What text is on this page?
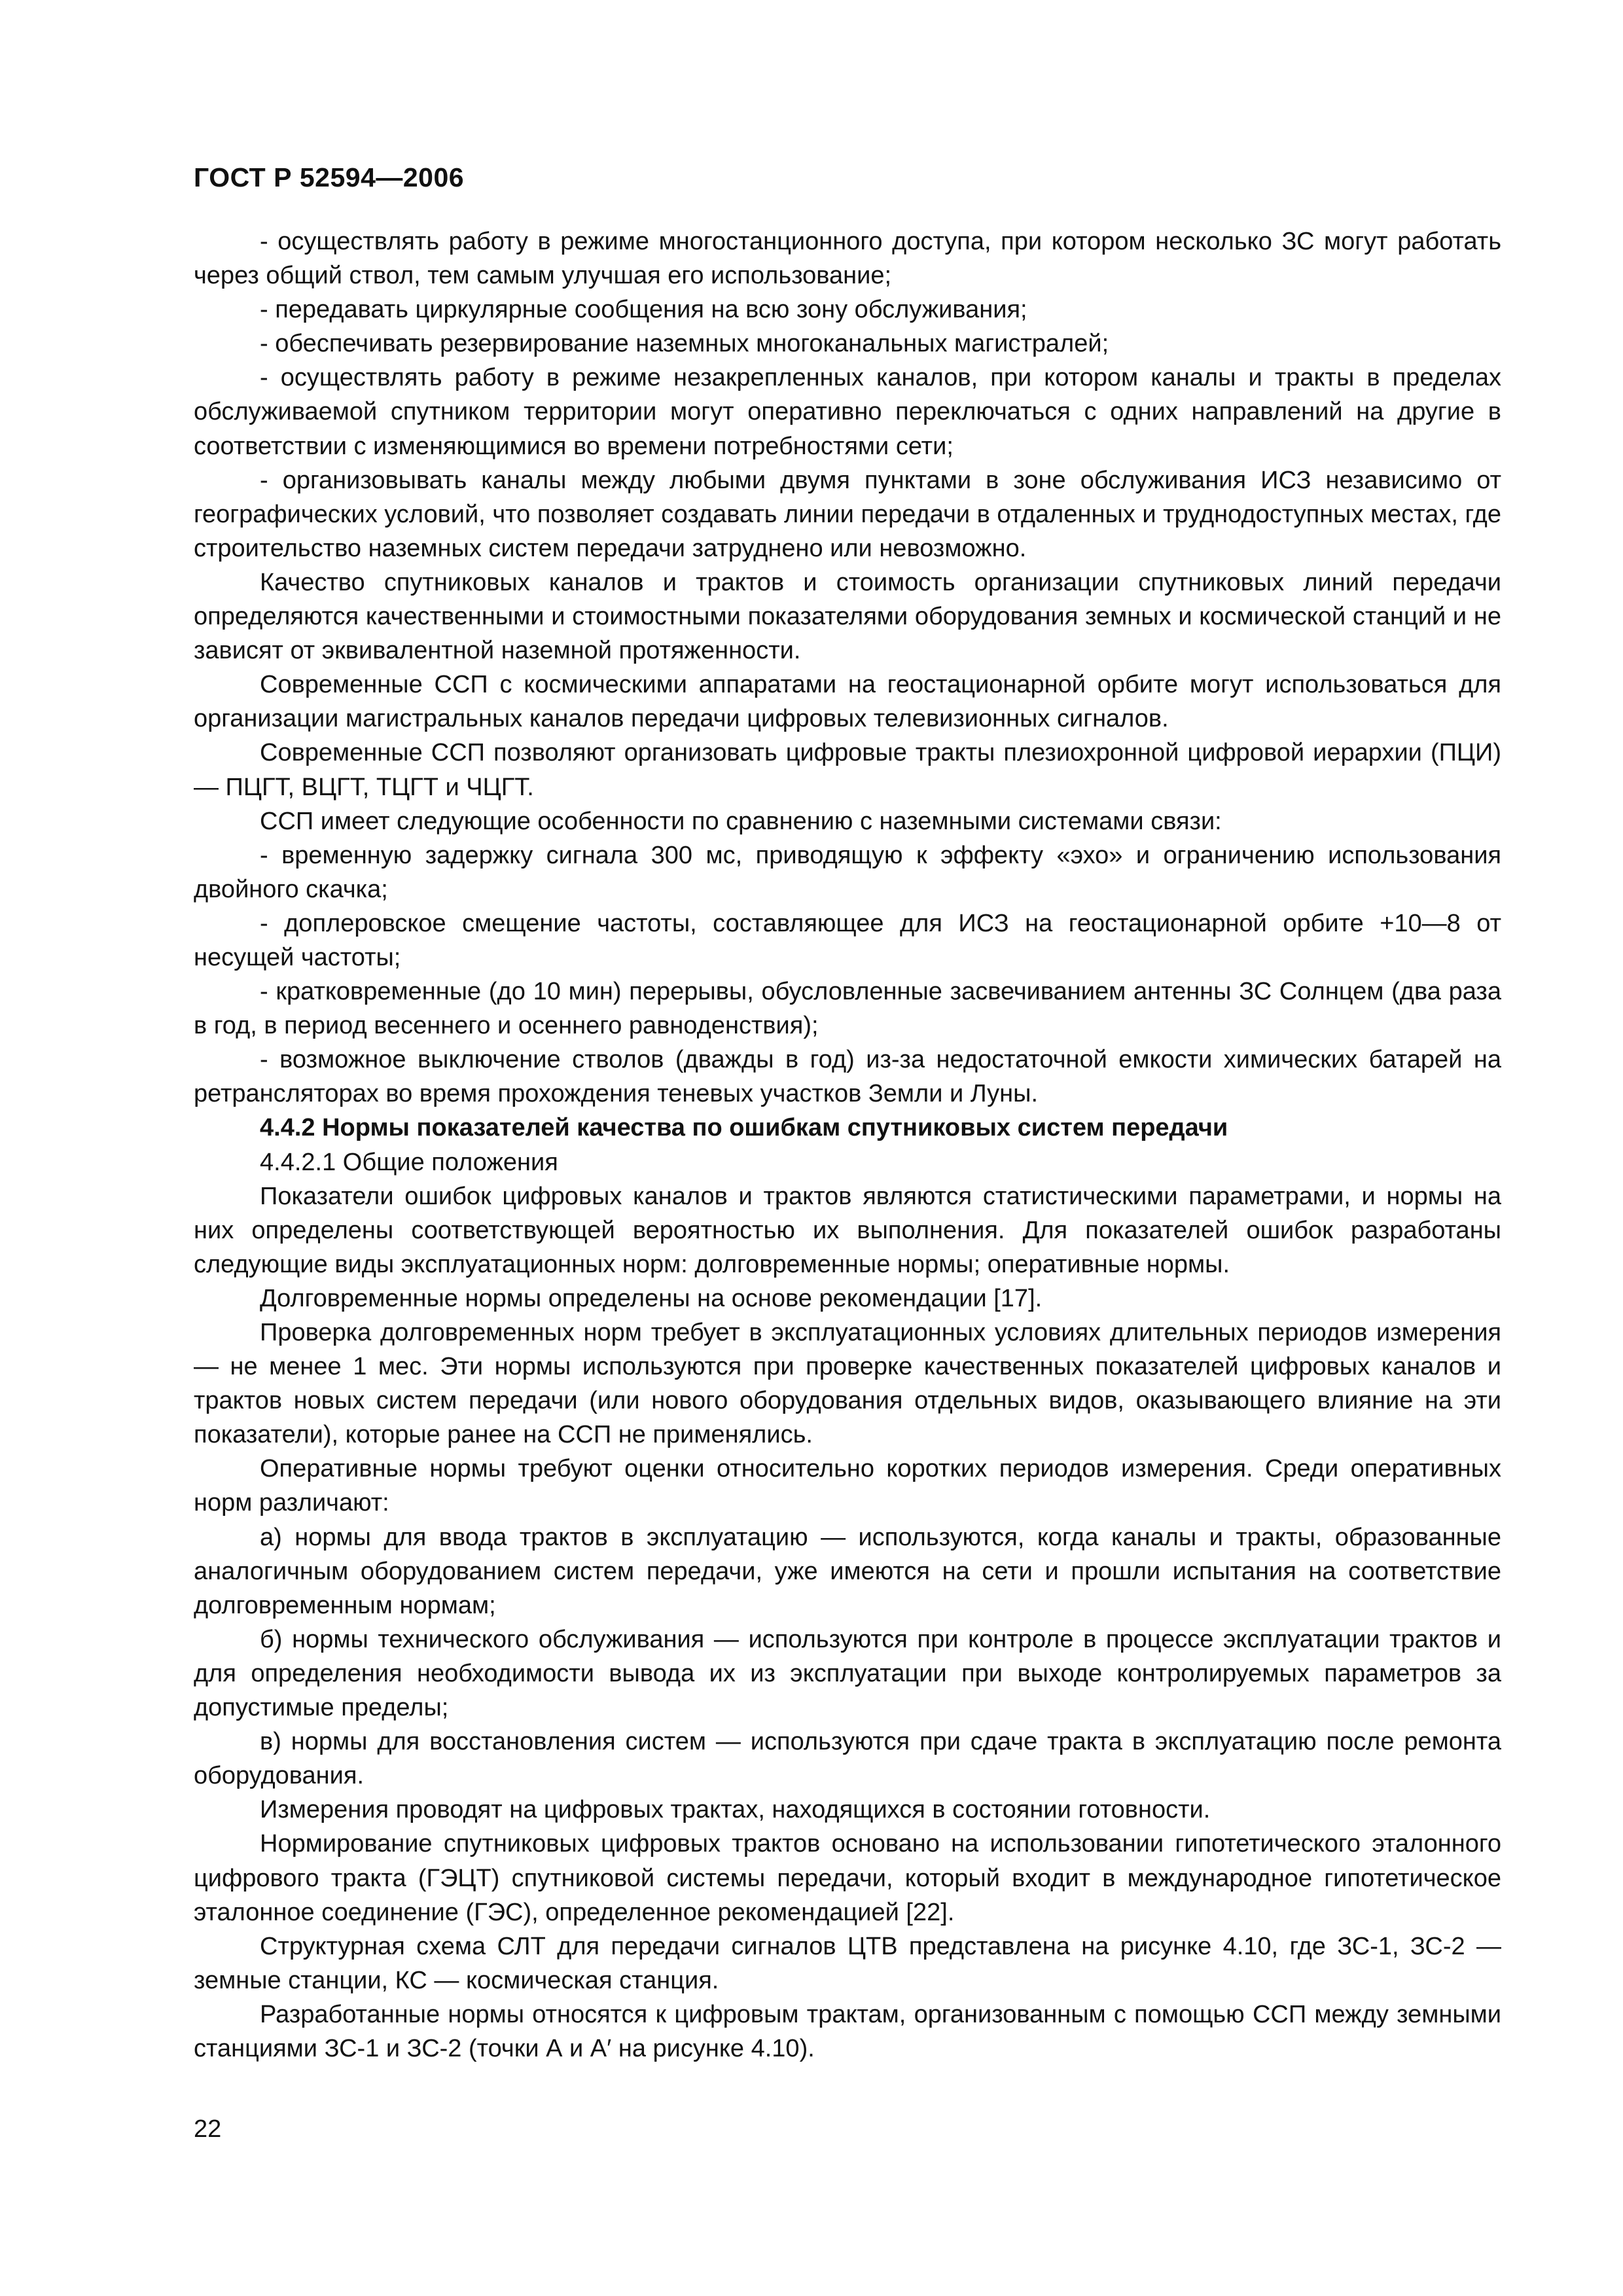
ГОСТ Р 52594—2006

- осуществлять работу в режиме многостанционного доступа, при котором несколько ЗС могут работать через общий ствол, тем самым улучшая его использование;

- передавать циркулярные сообщения на всю зону обслуживания;

- обеспечивать резервирование наземных многоканальных магистралей;

- осуществлять работу в режиме незакрепленных каналов, при котором каналы и тракты в пределах обслуживаемой спутником территории могут оперативно переключаться с одних направлений на другие в соответствии с изменяющимися во времени потребностями сети;

- организовывать каналы между любыми двумя пунктами в зоне обслуживания ИСЗ независимо от географических условий, что позволяет создавать линии передачи в отдаленных и труднодоступных местах, где строительство наземных систем передачи затруднено или невозможно.

Качество спутниковых каналов и трактов и стоимость организации спутниковых линий передачи определяются качественными и стоимостными показателями оборудования земных и космической станций и не зависят от эквивалентной наземной протяженности.

Современные ССП с космическими аппаратами на геостационарной орбите могут использоваться для организации магистральных каналов передачи цифровых телевизионных сигналов.

Современные ССП позволяют организовать цифровые тракты плезиохронной цифровой иерархии (ПЦИ) — ПЦГТ, ВЦГТ, ТЦГТ и ЧЦГТ.

ССП имеет следующие особенности по сравнению с наземными системами связи:

- временную задержку сигнала 300 мс, приводящую к эффекту «эхо» и ограничению использования двойного скачка;

- доплеровское смещение частоты, составляющее для ИСЗ на геостационарной орбите +10—8 от несущей частоты;

- кратковременные (до 10 мин) перерывы, обусловленные засвечиванием антенны ЗС Солнцем (два раза в год, в период весеннего и осеннего равноденствия);

- возможное выключение стволов (дважды в год) из-за недостаточной емкости химических батарей на ретрансляторах во время прохождения теневых участков Земли и Луны.

4.4.2 Нормы показателей качества по ошибкам спутниковых систем передачи

4.4.2.1 Общие положения

Показатели ошибок цифровых каналов и трактов являются статистическими параметрами, и нормы на них определены соответствующей вероятностью их выполнения. Для показателей ошибок разработаны следующие виды эксплуатационных норм: долговременные нормы; оперативные нормы.

Долговременные нормы определены на основе рекомендации [17].

Проверка долговременных норм требует в эксплуатационных условиях длительных периодов измерения — не менее 1 мес. Эти нормы используются при проверке качественных показателей цифровых каналов и трактов новых систем передачи (или нового оборудования отдельных видов, оказывающего влияние на эти показатели), которые ранее на ССП не применялись.

Оперативные нормы требуют оценки относительно коротких периодов измерения. Среди оперативных норм различают:

а) нормы для ввода трактов в эксплуатацию — используются, когда каналы и тракты, образованные аналогичным оборудованием систем передачи, уже имеются на сети и прошли испытания на соответствие долговременным нормам;

б) нормы технического обслуживания — используются при контроле в процессе эксплуатации трактов и для определения необходимости вывода их из эксплуатации при выходе контролируемых параметров за допустимые пределы;

в) нормы для восстановления систем — используются при сдаче тракта в эксплуатацию после ремонта оборудования.

Измерения проводят на цифровых трактах, находящихся в состоянии готовности.

Нормирование спутниковых цифровых трактов основано на использовании гипотетического эталонного цифрового тракта (ГЭЦТ) спутниковой системы передачи, который входит в международное гипотетическое эталонное соединение (ГЭС), определенное рекомендацией [22].

Структурная схема СЛТ для передачи сигналов ЦТВ представлена на рисунке 4.10, где ЗС-1, ЗС-2 — земные станции, КС — космическая станция.

Разработанные нормы относятся к цифровым трактам, организованным с помощью ССП между земными станциями ЗС-1 и ЗС-2 (точки А и А′ на рисунке 4.10).

22
